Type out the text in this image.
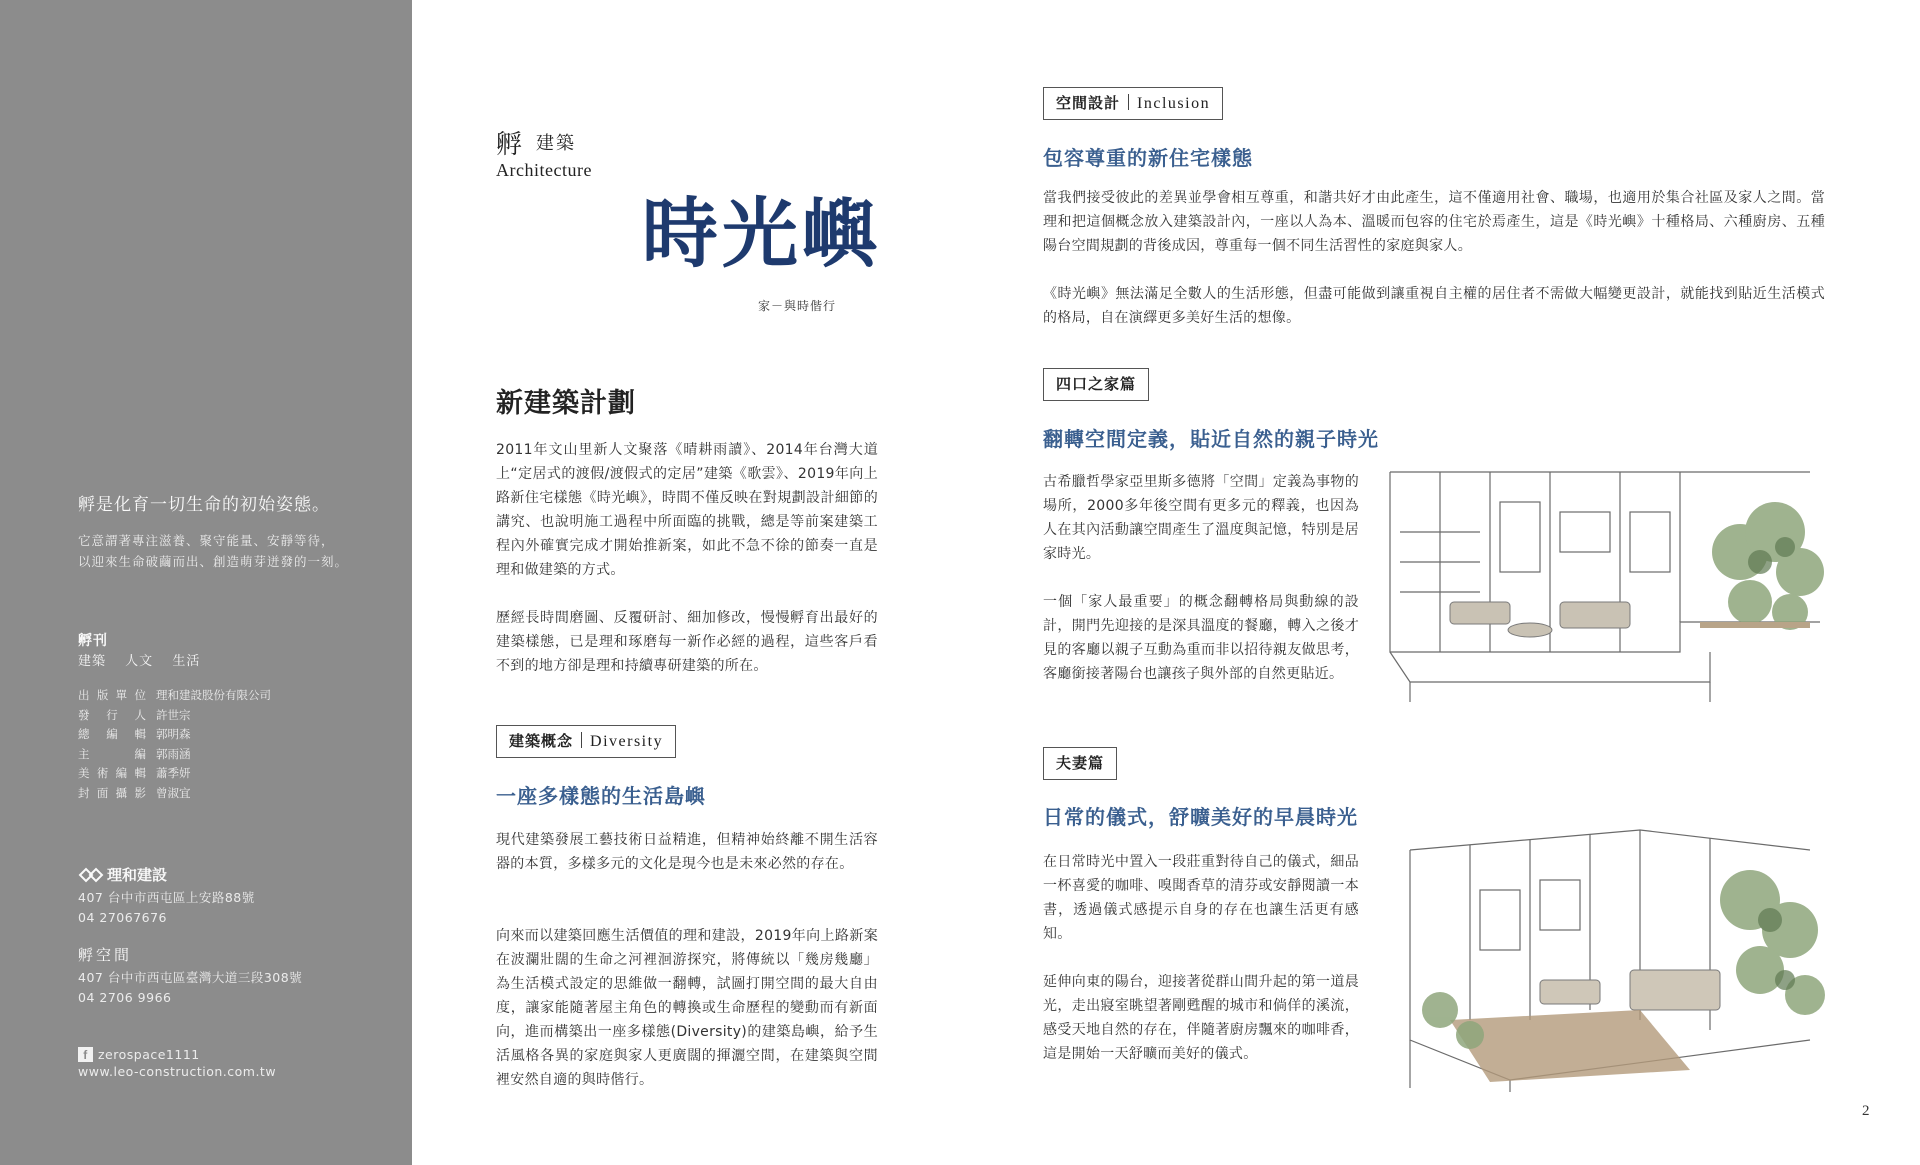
孵是化育一切生命的初始姿態。
它意謂著專注滋養、聚守能量、安靜等待，
以迎來生命破繭而出、創造萌芽迸發的一刻。
孵刊
建築 人文 生活
出 版 單 位 理和建設股份有限公司
發 行 人 許世宗
總 編 輯 郭明森
主	編 郭雨涵
美 術 編 輯 蕭季妍
封 面 攝 影 曾淑宜
理和建設
407 台中市西屯區上安路88號
04 27067676
孵空間
407 台中市西屯區臺灣大道三段308號
04 2706 9966
f zerospace1111
www.leo-construction.com.tw
孵 建築
Architecture
時光嶼
家－與時偕行
新建築計劃

2011年文山里新人文聚落《晴耕雨讀》、2014年台灣大道上“定居式的渡假/渡假式的定居”建築《歌雲》、2019年向上路新住宅樣態《時光嶼》，時間不僅反映在對規劃設計細節的講究、也說明施工過程中所面臨的挑戰，總是等前案建築工程內外確實完成才開始推新案，如此不急不徐的節奏一直是理和做建築的方式。

歷經長時間磨圖、反覆研討、細加修改，慢慢孵育出最好的建築樣態，已是理和琢磨每一新作必經的過程，這些客戶看不到的地方卻是理和持續專研建築的所在。

建築概念 Diversity
一座多樣態的生活島嶼

現代建築發展工藝技術日益精進，但精神始終離不開生活容器的本質，多樣多元的文化是現今也是未來必然的存在。

向來而以建築回應生活價值的理和建設，2019年向上路新案在波瀾壯闊的生命之河裡洄游探究，將傳統以「幾房幾廳」為生活模式設定的思維做一翻轉，試圖打開空間的最大自由度，讓家能隨著屋主角色的轉換或生命歷程的變動而有新面向，進而構築出一座多樣態(Diversity)的建築島嶼，給予生活風格各異的家庭與家人更廣闊的揮灑空間，在建築與空間裡安然自適的與時偕行。

空間設計 Inclusion
包容尊重的新住宅樣態

當我們接受彼此的差異並學會相互尊重，和諧共好才由此產生，這不僅適用社會、職場，也適用於集合社區及家人之間。當理和把這個概念放入建築設計內，一座以人為本、溫暖而包容的住宅於焉產生，這是《時光嶼》十種格局、六種廚房、五種陽台空間規劃的背後成因，尊重每一個不同生活習性的家庭與家人。

《時光嶼》無法滿足全數人的生活形態，但盡可能做到讓重視自主權的居住者不需做大幅變更設計，就能找到貼近生活模式的格局，自在演繹更多美好生活的想像。

四口之家篇
翻轉空間定義，貼近自然的親子時光

古希臘哲學家亞里斯多德將「空間」定義為事物的場所，2000多年後空間有更多元的釋義，也因為人在其內活動讓空間產生了溫度與記憶，特別是居家時光。

一個「家人最重要」的概念翻轉格局與動線的設計，開門先迎接的是深具溫度的餐廳，轉入之後才見的客廳以親子互動為重而非以招待親友做思考，客廳銜接著陽台也讓孩子與外部的自然更貼近。

夫妻篇
日常的儀式，舒曠美好的早晨時光

在日常時光中置入一段莊重對待自己的儀式，細品一杯喜愛的咖啡、嗅聞香草的清芬或安靜閱讀一本書，透過儀式感提示自身的存在也讓生活更有感知。

延伸向東的陽台，迎接著從群山間升起的第一道晨光，走出寢室眺望著剛甦醒的城市和倘佯的溪流，感受天地自然的存在，伴隨著廚房飄來的咖啡香，這是開始一天舒曠而美好的儀式。

2
